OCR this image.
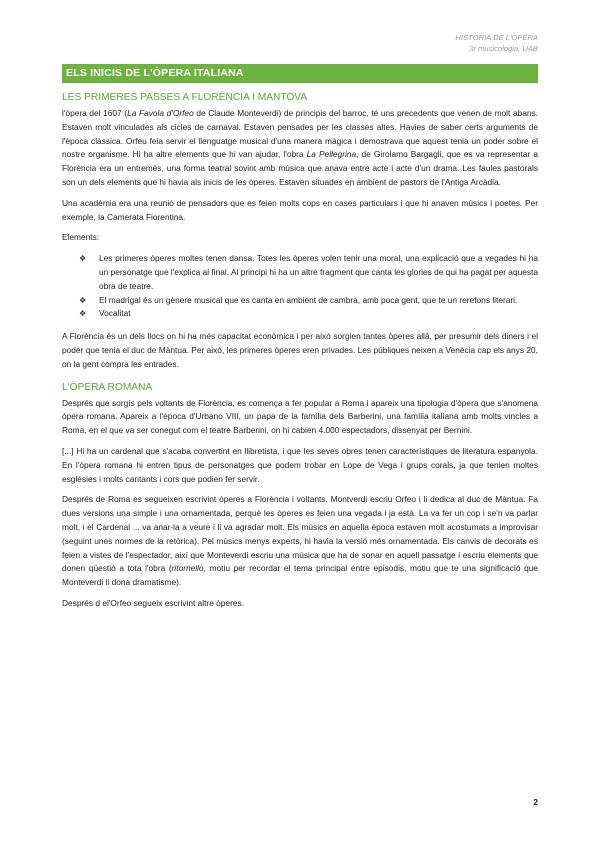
HISTÒRIA DE L'ÒPERA
3r musicologia, UAB
ELS INICIS DE L'ÒPERA ITALIANA
LES PRIMERES PASSES A FLORÈNCIA I MANTOVA

l'òpera del 1607 (La Favola d'Orfeo de Claude Monteverdi) de principis del barroc, té uns precedents que venen de molt abans. Estaven molt vinculades als cicles de carnaval. Estaven pensades per les classes altes. Havies de saber certs arguments de l'època clàssica. Orfeu feia servir el llenguatge musical d'una manera màgica i demostrava que aquest tenia un poder sobre el nostre organisme. Hi ha altre elements que hi van ajudar, l'obra La Pellegrina, de Girolamo Bargagli, que es va representar a Florència era un entremès, una forma teatral sovint amb música que anava entre acte i acte d'un drama. Les faules pastorals son un dels elements que hi havia als inicis de les òperes. Estaven situades en ambient de pastors de l'Antiga Arcàdia.

Una acadèmia era una reunió de pensadors que es feien molts cops en cases particulars i que hi anaven músics i poetes. Per exemple, la Camerata Fiorentina.

Elements:

❖ Les primeres òperes moltes tenen dansa. Totes les òperes volen tenir una moral, una explicació que a vegades hi ha un personatge que l'explica al final. Al principi hi ha un altre fragment que canta les glories de qui ha pagat per aquesta obra de teatre.
❖ El madrigal és un gènere musical que es canta en ambient de cambra, amb poca gent, que te un rerefons literari.
❖ Vocalitat

A Florència és un dels llocs on hi ha més capacitat econòmica i per això sorgien tantes òperes allà, per presumir dels diners i el poder que tenia el duc de Màntua. Per això, les primeres òperes eren privades. Les públiques neixen a Venècia cap els anys 20, on la gent compra les entrades.

L'ÒPERA ROMANA

Després que sorgís pels voltants de Florència, es comença a fer popular a Roma i apareix una tipologia d'òpera que s'anomena òpera romana. Apareix a l'època d'Urbano VIII, un papa de la família dels Barberini, una família italiana amb molts vincles a Roma, en el que va ser conegut com el teatre Barberini, on hi cabien 4.000 espectadors, dissenyat per Bernini.

[...] Hi ha un cardenal que s'acaba convertint en llibretista, i que les seves obres tenen característiques de literatura espanyola. En l'òpera romana hi entren tipus de personatges que podem trobar en Lope de Vega i grups corals, ja que tenien moltes esglésies i molts cantants i cors que podien fer servir.

Després de Roma es segueixen escrivint òperes a Florència i voltants. Montverdi escriu Orfeo i li dedica al duc de Màntua. Fa dues versions una simple i una ornamentada, perquè les òperes es feien una vegada i ja està. La va fer un cop i se'n va parlar molt, i el Cardenal ... va anar-la a veure i li va agradar molt. Els músics en aquella època estaven molt acostumats a improvisar (seguint unes normes de la retòrica). Pel músics menys experts, hi havia la versió més ornamentada. Els canvis de decorats es feien a vistes de l'espectador, així que Monteverdi escriu una música que ha de sonar en aquell passatge i escriu elements que donen qüestió a tota l'obra (ritornello, motiu per recordar el tema principal entre episodis, motiu que te una significació que Monteverdi li dona dramatisme).

Després d el'Orfeo segueix escrivint altre òperes.

2
